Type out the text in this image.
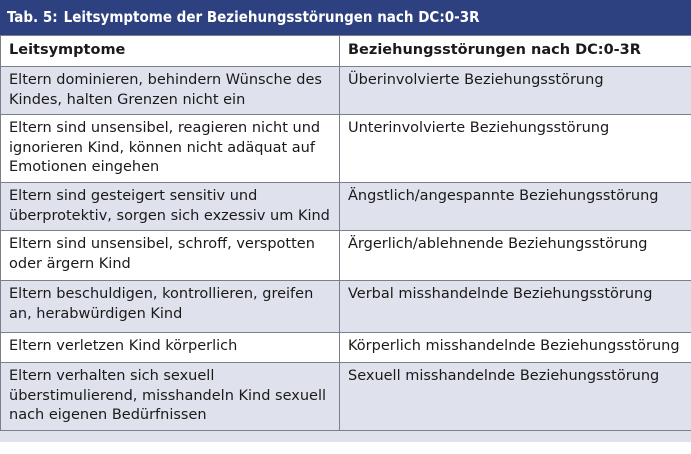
Tab. 5: Leitsymptome der Beziehungsstörungen nach DC:0-3R
Leitsymptome	Beziehungsstörungen nach DC:0-3R
Eltern dominieren, behindern Wünsche des Kindes, halten Grenzen nicht ein	Überinvolvierte Beziehungsstörung
Eltern sind unsensibel, reagieren nicht und ignorieren Kind, können nicht adäquat auf Emotionen eingehen	Unterinvolvierte Beziehungsstörung
Eltern sind gesteigert sensitiv und überprotektiv, sorgen sich exzessiv um Kind	Ängstlich/angespannte Beziehungsstörung
Eltern sind unsensibel, schroff, verspotten oder ärgern Kind	Ärgerlich/ablehnende Beziehungsstörung
Eltern beschuldigen, kontrollieren, greifen an, herabwürdigen Kind	Verbal misshandelnde Beziehungsstörung
Eltern verletzen Kind körperlich	Körperlich misshandelnde Beziehungsstörung
Eltern verhalten sich sexuell überstimulierend, misshandeln Kind sexuell nach eigenen Bedürfnissen	Sexuell misshandelnde Beziehungsstörung
